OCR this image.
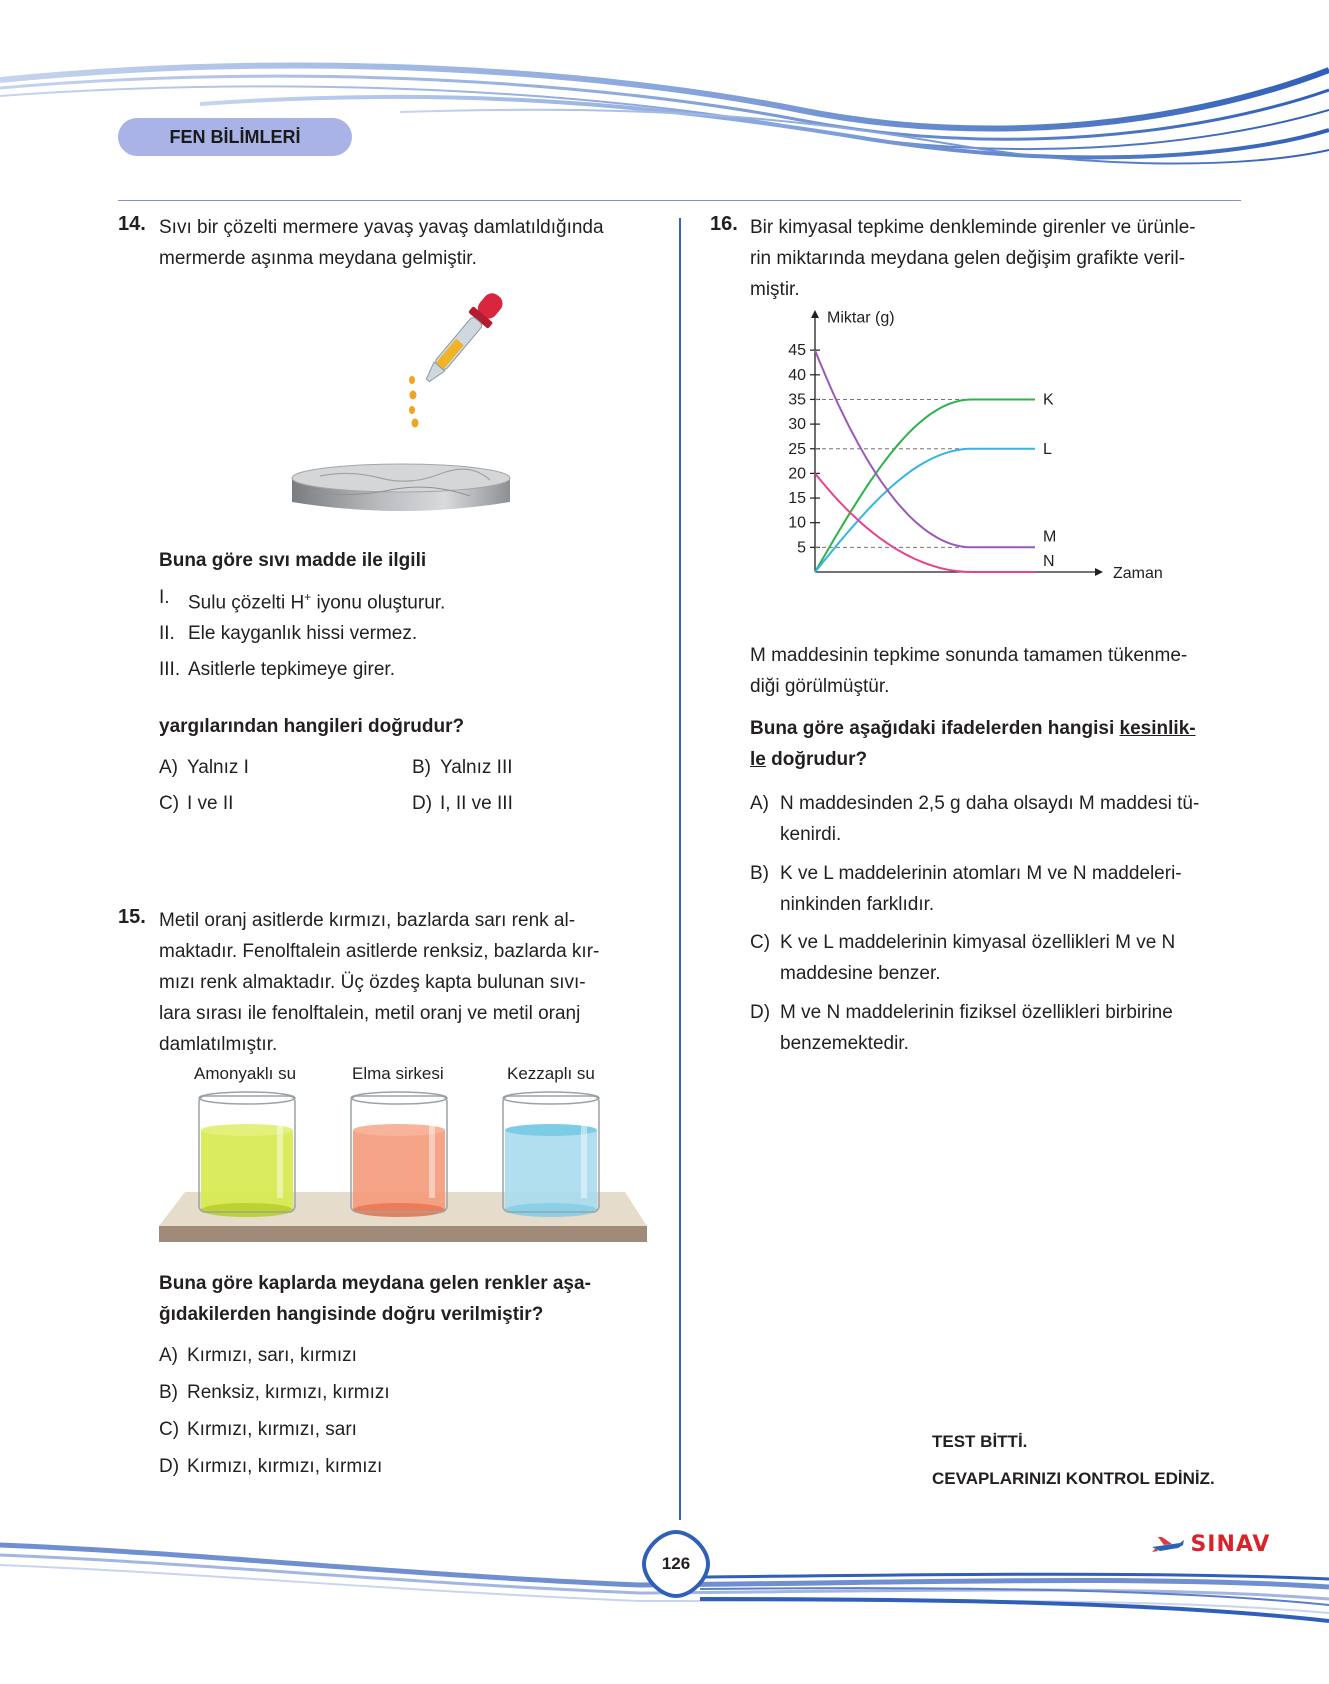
FEN BİLİMLERİ
14. Sıvı bir çözelti mermere yavaş yavaş damlatıldığında
mermerde aşınma meydana gelmiştir.
Buna göre sıvı madde ile ilgili
I. Sulu çözelti H+ iyonu oluşturur.
II. Ele kayganlık hissi vermez.
III. Asitlerle tepkimeye girer.
yargılarından hangileri doğrudur?
A) Yalnız I	B) Yalnız III
C) I ve II	D) I, II ve III
15. Metil oranj asitlerde kırmızı, bazlarda sarı renk al-
maktadır. Fenolftalein asitlerde renksiz, bazlarda kır-
mızı renk almaktadır. Üç özdeş kapta bulunan sıvı-
lara sırası ile fenolftalein, metil oranj ve metil oranj
damlatılmıştır.
Amonyaklı su	Elma sirkesi	Kezzaplı su
Buna göre kaplarda meydana gelen renkler aşa-
ğıdakilerden hangisinde doğru verilmiştir?
A) Kırmızı, sarı, kırmızı
B) Renksiz, kırmızı, kırmızı
C) Kırmızı, kırmızı, sarı
D) Kırmızı, kırmızı, kırmızı
16. Bir kimyasal tepkime denkleminde girenler ve ürünle-
rin miktarında meydana gelen değişim grafikte veril-
miştir.
Miktar (g)
Zaman
5
10
15
20
25
30
35
40
45
K
L
M
N
M maddesinin tepkime sonunda tamamen tükenme-
diği görülmüştür.
Buna göre aşağıdaki ifadelerden hangisi kesinlik-
le doğrudur?
A) N maddesinden 2,5 g daha olsaydı M maddesi tü-
kenirdi.
B) K ve L maddelerinin atomları M ve N maddeleri-
ninkinden farklıdır.
C) K ve L maddelerinin kimyasal özellikleri M ve N
maddesine benzer.
D) M ve N maddelerinin fiziksel özellikleri birbirine
benzemektedir.
TEST BİTTİ.
CEVAPLARINIZI KONTROL EDİNİZ.
SINAV
126
